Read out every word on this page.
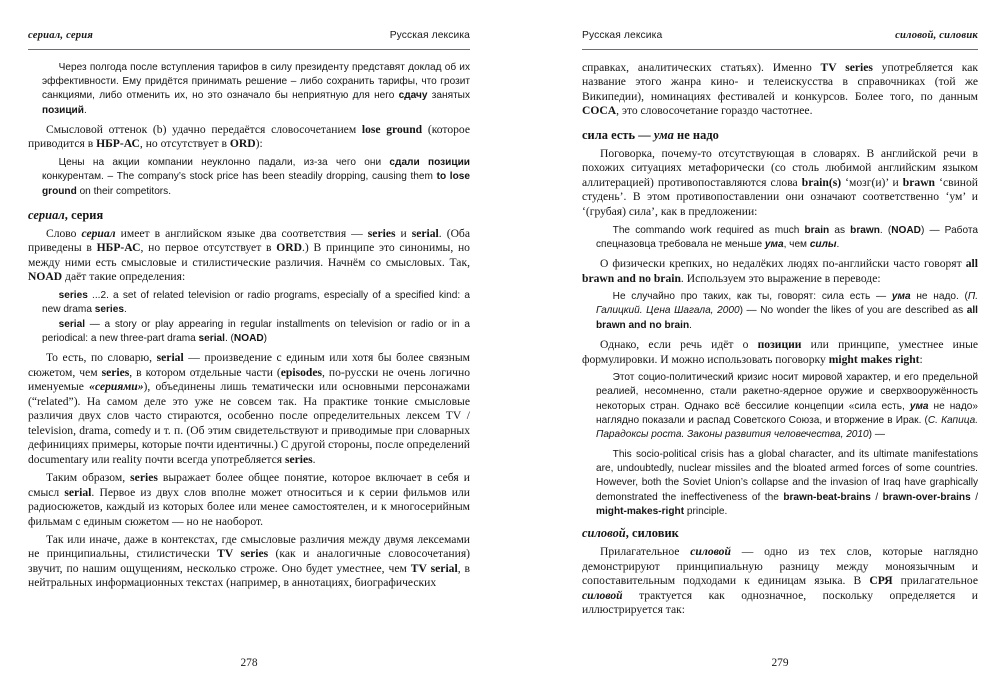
сериал, серия	Русская лексика

Через полгода после вступления тарифов в силу президенту представят доклад об их эффективности. Ему придётся принимать решение – либо сохранить тарифы, что грозит санкциями, либо отменить их, но это означало бы неприятную для него сдачу занятых позиций.

Смысловой оттенок (b) удачно передаётся словосочетанием lose ground (которое приводится в НБР-АС, но отсутствует в ORD):

Цены на акции компании неуклонно падали, из-за чего они сдали позиции конкурентам. – The company’s stock price has been steadily dropping, causing them to lose ground on their competitors.

сериал, серия

Слово сериал имеет в английском языке два соответствия — series и serial. (Оба приведены в НБР-АС, но первое отсутствует в ORD.) В принципе это синонимы, но между ними есть смысловые и стилистические различия. Начнём со смысловых. Так, NOAD даёт такие определения:

series ...2. a set of related television or radio programs, especially of a specified kind: a new drama series.

serial — a story or play appearing in regular installments on television or radio or in a periodical: a new three-part drama serial. (NOAD)

То есть, по словарю, serial — произведение с единым или хотя бы более связным сюжетом, чем series, в котором отдельные части (episodes, по-русски не очень логично именуемые «сериями»), объединены лишь тематически или основными персонажами (“related”). На самом деле это уже не совсем так. На практике тонкие смысловые различия двух слов часто стираются, особенно после определительных лексем TV / television, drama, comedy и т. п. (Об этим свидетельствуют и приводимые при словарных дефинициях примеры, которые почти идентичны.) С другой стороны, после определений documentary или reality почти всегда употребляется series.

Таким образом, series выражает более общее понятие, которое включает в себя и смысл serial. Первое из двух слов вполне может относиться и к серии фильмов или радиосюжетов, каждый из которых более или менее самостоятелен, и к многосерийным фильмам с единым сюжетом — но не наоборот.

Так или иначе, даже в контекстах, где смысловые различия между двумя лексемами не принципиальны, стилистически TV series (как и аналогичные словосочетания) звучит, по нашим ощущениям, несколько строже. Оно будет уместнее, чем TV serial, в нейтральных информационных текстах (например, в аннотациях, биографических

278
Русская лексика	силовой, силовик

справках, аналитических статьях). Именно TV series употребляется как название этого жанра кино- и телеискусства в справочниках (той же Википедии), номинациях фестивалей и конкурсов. Более того, по данным COCA, это словосочетание гораздо частотнее.

сила есть — ума не надо

Поговорка, почему-то отсутствующая в словарях. В английской речи в похожих ситуациях метафорически (со столь любимой английским языком аллитерацией) противопоставляются слова brain(s) ‘мозг(и)’ и brawn ‘свиной студень’. В этом противопоставлении они означают соответственно ‘ум’ и ‘(грубая) сила’, как в предложении:

The commando work required as much brain as brawn. (NOAD) — Работа спецназовца требовала не меньше ума, чем силы.

О физически крепких, но недалёких людях по-английски часто говорят all brawn and no brain. Используем это выражение в переводе:

Не случайно про таких, как ты, говорят: сила есть — ума не надо. (П. Галицкий. Цена Шагала, 2000) — No wonder the likes of you are described as all brawn and no brain.

Однако, если речь идёт о позиции или принципе, уместнее иные формулировки. И можно использовать поговорку might makes right:

Этот социо-политический кризис носит мировой характер, и его предельной реалией, несомненно, стали ракетно-ядерное оружие и сверхвооружённость некоторых стран. Однако всё бессилие концепции «сила есть, ума не надо» наглядно показали и распад Советского Союза, и вторжение в Ирак. (С. Капица. Парадоксы роста. Законы развития человечества, 2010) —

This socio-political crisis has a global character, and its ultimate manifestations are, undoubtedly, nuclear missiles and the bloated armed forces of some countries. However, both the Soviet Union’s collapse and the invasion of Iraq have graphically demonstrated the ineffectiveness of the brawn-beat-brains / brawn-over-brains / might-makes-right principle.

силовой, силовик

Прилагательное силовой — одно из тех слов, которые наглядно демонстрируют принципиальную разницу между моноязычным и сопоставительным подходами к единицам языка. В СРЯ прилагательное силовой трактуется как однозначное, поскольку определяется и иллюстрируется так:

279
